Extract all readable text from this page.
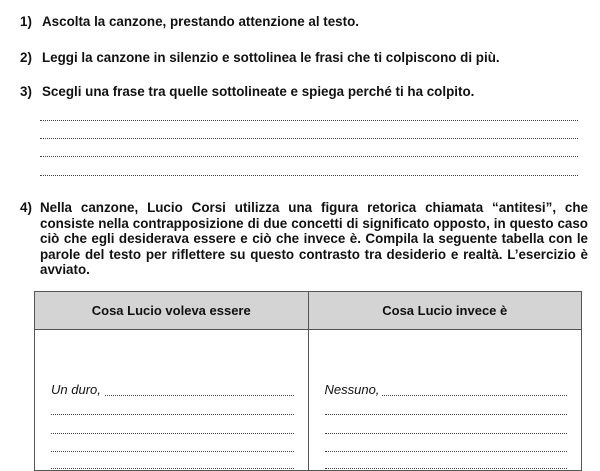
1) Ascolta la canzone, prestando attenzione al testo.
2) Leggi la canzone in silenzio e sottolinea le frasi che ti colpiscono di più.
3) Scegli una frase tra quelle sottolineate e spiega perché ti ha colpito.
4) Nella canzone, Lucio Corsi utilizza una figura retorica chiamata “antitesi”, che consiste nella contrapposizione di due concetti di significato opposto, in questo caso ciò che egli desiderava essere e ciò che invece è. Compila la seguente tabella con le parole del testo per riflettere su questo contrasto tra desiderio e realtà. L’esercizio è avviato.
Cosa Lucio voleva essere	Cosa Lucio invece è

Un duro,	Nessuno,
